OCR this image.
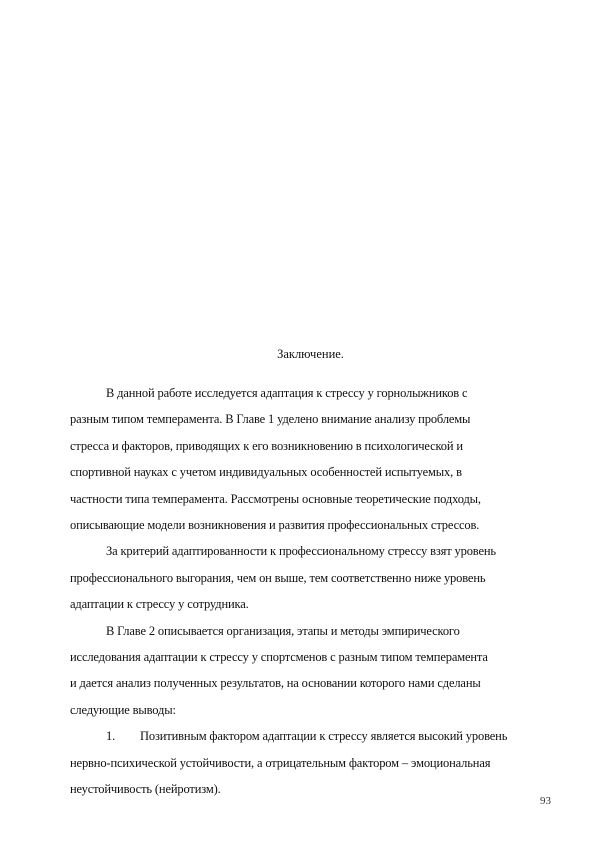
Заключение.

В данной работе исследуется адаптация к стрессу у горнолыжников с
разным типом темперамента. В Главе 1 уделено внимание анализу проблемы
стресса и факторов, приводящих к его возникновению в психологической и
спортивной науках с учетом индивидуальных особенностей испытуемых, в
частности типа темперамента. Рассмотрены основные теоретические подходы,
описывающие модели возникновения и развития профессиональных стрессов.

За критерий адаптированности к профессиональному стрессу взят уровень
профессионального выгорания, чем он выше, тем соответственно ниже уровень
адаптации к стрессу у сотрудника.

В Главе 2 описывается организация, этапы и методы эмпирического
исследования адаптации к стрессу у спортсменов с разным типом темперамента
и дается анализ полученных результатов, на основании которого нами сделаны
следующие выводы:

1. Позитивным фактором адаптации к стрессу является высокий уровень
нервно-психической устойчивости, а отрицательным фактором – эмоциональная
неустойчивость (нейротизм).

93
